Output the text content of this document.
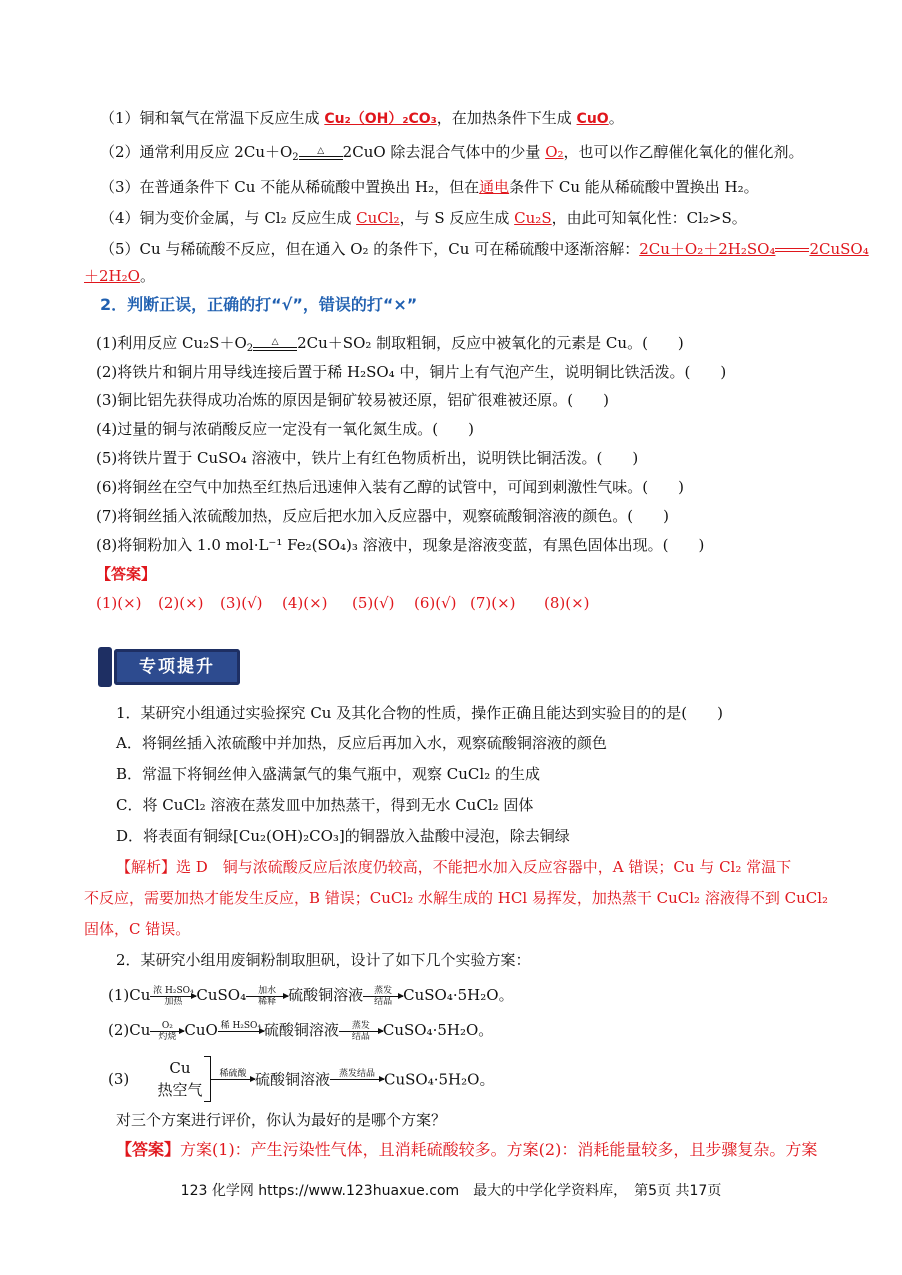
（1）铜和氧气在常温下反应生成 Cu₂（OH）₂CO₃，在加热条件下生成 CuO。
（2）通常利用反应 $2Cu+O_2$
△	2CuO 除去混合气体中的少量 O₂，也可以作乙醇催化氧化的催化剂。
（3）在普通条件下 Cu 不能从稀硫酸中置换出 H₂，但在通电条件下 Cu 能从稀硫酸中置换出 H₂。
（4）铜为变价金属，与 Cl₂ 反应生成 CuCl₂，与 S 反应生成 Cu₂S，由此可知氧化性：Cl₂>S。
（5）Cu 与稀硫酸不反应，但在通入 O₂ 的条件下，Cu 可在稀硫酸中逐渐溶解：2Cu＋O₂＋2H₂SO₄ 2CuSO₄
＋2H₂O。
2．判断正误，正确的打“√”，错误的打“×”
(1)利用反应 $Cu_2S+O_2$
△	2Cu＋SO₂ 制取粗铜，反应中被氧化的元素是 Cu。(　　)
(2)将铁片和铜片用导线连接后置于稀 H₂SO₄ 中，铜片上有气泡产生，说明铜比铁活泼。(　　)
(3)铜比铝先获得成功冶炼的原因是铜矿较易被还原，铝矿很难被还原。(　　)
(4)过量的铜与浓硝酸反应一定没有一氧化氮生成。(　　)
(5)将铁片置于 CuSO₄ 溶液中，铁片上有红色物质析出，说明铁比铜活泼。(　　)
(6)将铜丝在空气中加热至红热后迅速伸入装有乙醇的试管中，可闻到刺激性气味。(　　)
(7)将铜丝插入浓硫酸加热，反应后把水加入反应器中，观察硫酸铜溶液的颜色。(　　)
(8)将铜粉加入 1.0 mol·L⁻¹ Fe₂(SO₄)₃ 溶液中，现象是溶液变蓝，有黑色固体出现。(　　)
【答案】
(1)(×) (2)(×) (3)(√) (4)(×) (5)(√) (6)(√) (7)(×) (8)(×)
专项提升
1．某研究小组通过实验探究 Cu 及其化合物的性质，操作正确且能达到实验目的的是(　　)
A．将铜丝插入浓硫酸中并加热，反应后再加入水，观察硫酸铜溶液的颜色
B．常温下将铜丝伸入盛满氯气的集气瓶中，观察 CuCl₂ 的生成
C．将 CuCl₂ 溶液在蒸发皿中加热蒸干，得到无水 CuCl₂ 固体
D．将表面有铜绿[Cu₂(OH)₂CO₃]的铜器放入盐酸中浸泡，除去铜绿
【解析】选 D　铜与浓硫酸反应后浓度仍较高，不能把水加入反应容器中，A 错误；Cu 与 Cl₂ 常温下
不反应，需要加热才能发生反应，B 错误；CuCl₂ 水解生成的 HCl 易挥发，加热蒸干 CuCl₂ 溶液得不到 CuCl₂
固体，C 错误。
2．某研究小组用废铜粉制取胆矾，设计了如下几个实验方案：
(1)Cu 浓 H₂SO₄
加热 CuSO₄	加水
稀释 硫酸铜溶液	蒸发
结晶 CuSO₄·5H₂O。
(2)Cu	O₂
灼烧 CuO 稀 H₂SO₄
硫酸铜溶液	蒸发
结晶 CuSO₄·5H₂O。
(3)
Cu
热空气
稀硫酸
硫酸铜溶液 蒸发结晶
CuSO₄·5H₂O。
对三个方案进行评价，你认为最好的是哪个方案？
【答案】方案(1)：产生污染性气体，且消耗硫酸较多。方案(2)：消耗能量较多，且步骤复杂。方案
123 化学网 https://www.123huaxue.com　最大的中学化学资料库，　第5页 共17页
